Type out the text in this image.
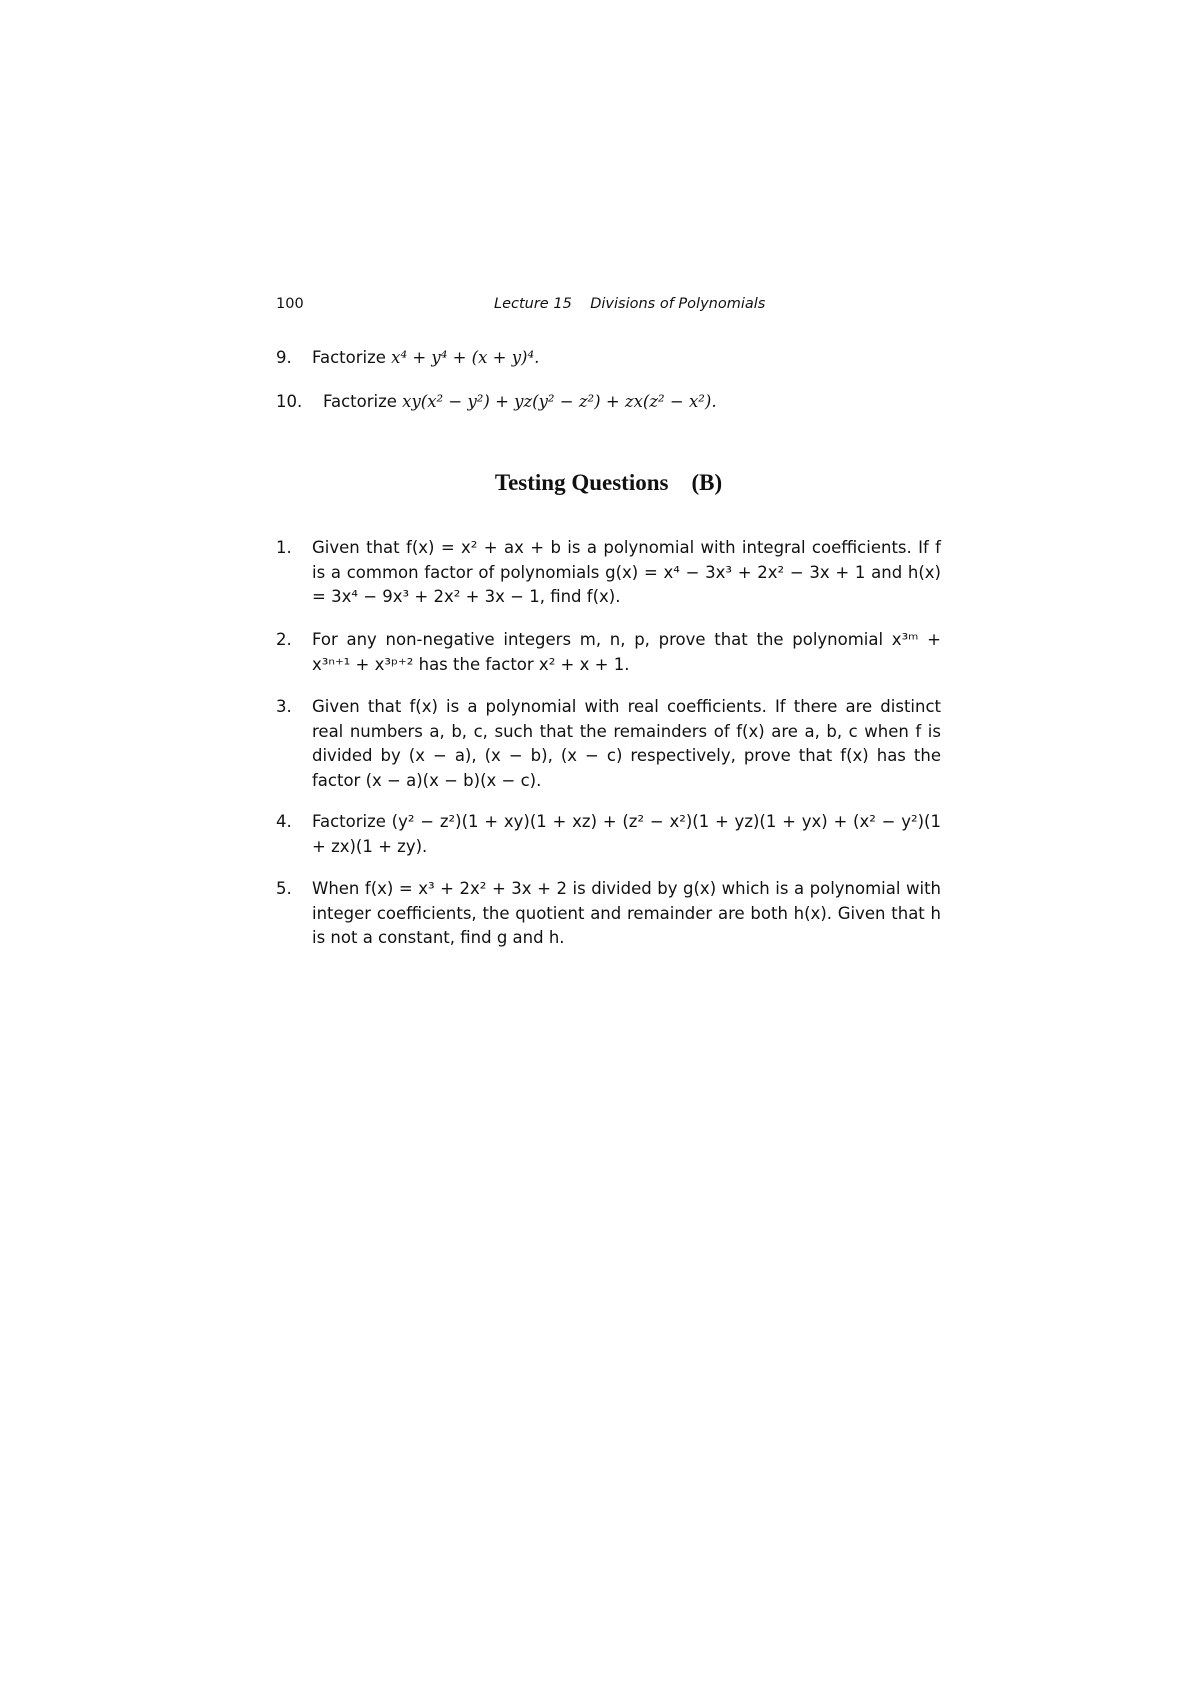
100	Lecture 15    Divisions of Polynomials
9. Factorize x⁴ + y⁴ + (x + y)⁴.
10. Factorize xy(x² − y²) + yz(y² − z²) + zx(z² − x²).
Testing Questions    (B)
1. Given that f(x) = x² + ax + b is a polynomial with integral coefficients. If f is a common factor of polynomials g(x) = x⁴ − 3x³ + 2x² − 3x + 1 and h(x) = 3x⁴ − 9x³ + 2x² + 3x − 1, find f(x).
2. For any non-negative integers m, n, p, prove that the polynomial x³ᵐ + x³ⁿ⁺¹ + x³ᵖ⁺² has the factor x² + x + 1.
3. Given that f(x) is a polynomial with real coefficients. If there are distinct real numbers a, b, c, such that the remainders of f(x) are a, b, c when f is divided by (x − a), (x − b), (x − c) respectively, prove that f(x) has the factor (x − a)(x − b)(x − c).
4. Factorize (y² − z²)(1 + xy)(1 + xz) + (z² − x²)(1 + yz)(1 + yx) + (x² − y²)(1 + zx)(1 + zy).
5. When f(x) = x³ + 2x² + 3x + 2 is divided by g(x) which is a polynomial with integer coefficients, the quotient and remainder are both h(x). Given that h is not a constant, find g and h.
